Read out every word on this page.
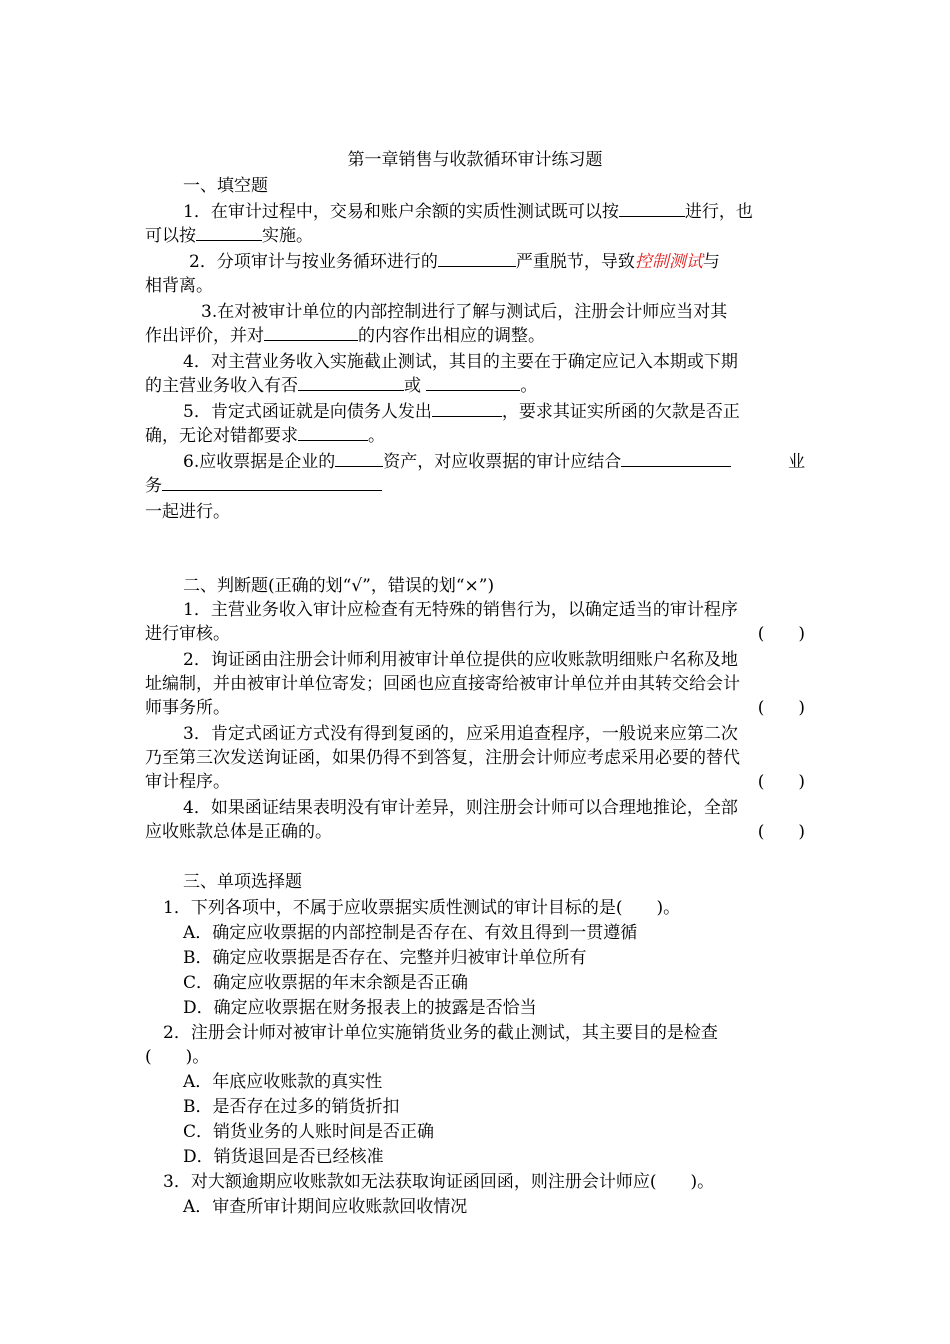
第一章销售与收款循环审计练习题
一、填空题
1．在审计过程中，交易和账户余额的实质性测试既可以按	进行，也
可以按	实施。
2．分项审计与按业务循环进行的	严重脱节，导致控制测试与
相背离。
3.在对被审计单位的内部控制进行了解与测试后，注册会计师应当对其
作出评价，并对	的内容作出相应的调整。
4．对主营业务收入实施截止测试，其目的主要在于确定应记入本期或下期
的主营业务收入有否	或	。
5．肯定式函证就是向债务人发出	，要求其证实所函的欠款是否正
确，无论对错都要求	。
6.应收票据是企业的	资产，对应收票据的审计应结合	业
务
一起进行。
二、判断题(正确的划“√”，错误的划“×”)
1．主营业务收入审计应检查有无特殊的销售行为，以确定适当的审计程序
进行审核。	(　　)
2．询证函由注册会计师利用被审计单位提供的应收账款明细账户名称及地
址编制，并由被审计单位寄发；回函也应直接寄给被审计单位并由其转交给会计
师事务所。	(　　)
3．肯定式函证方式没有得到复函的，应采用追查程序，一般说来应第二次
乃至第三次发送询证函，如果仍得不到答复，注册会计师应考虑采用必要的替代
审计程序。	(　　)
4．如果函证结果表明没有审计差异，则注册会计师可以合理地推论，全部
应收账款总体是正确的。	(　　)
三、单项选择题
1．下列各项中，不属于应收票据实质性测试的审计目标的是(　　)。
A．确定应收票据的内部控制是否存在、有效且得到一贯遵循
B．确定应收票据是否存在、完整并归被审计单位所有
C．确定应收票据的年末余额是否正确
D．确定应收票据在财务报表上的披露是否恰当
2．注册会计师对被审计单位实施销货业务的截止测试，其主要目的是检查
(　　)。
A．年底应收账款的真实性
B．是否存在过多的销货折扣
C．销货业务的人账时间是否正确
D．销货退回是否已经核准
3．对大额逾期应收账款如无法获取询证函回函，则注册会计师应(　　)。
A．审查所审计期间应收账款回收情况
